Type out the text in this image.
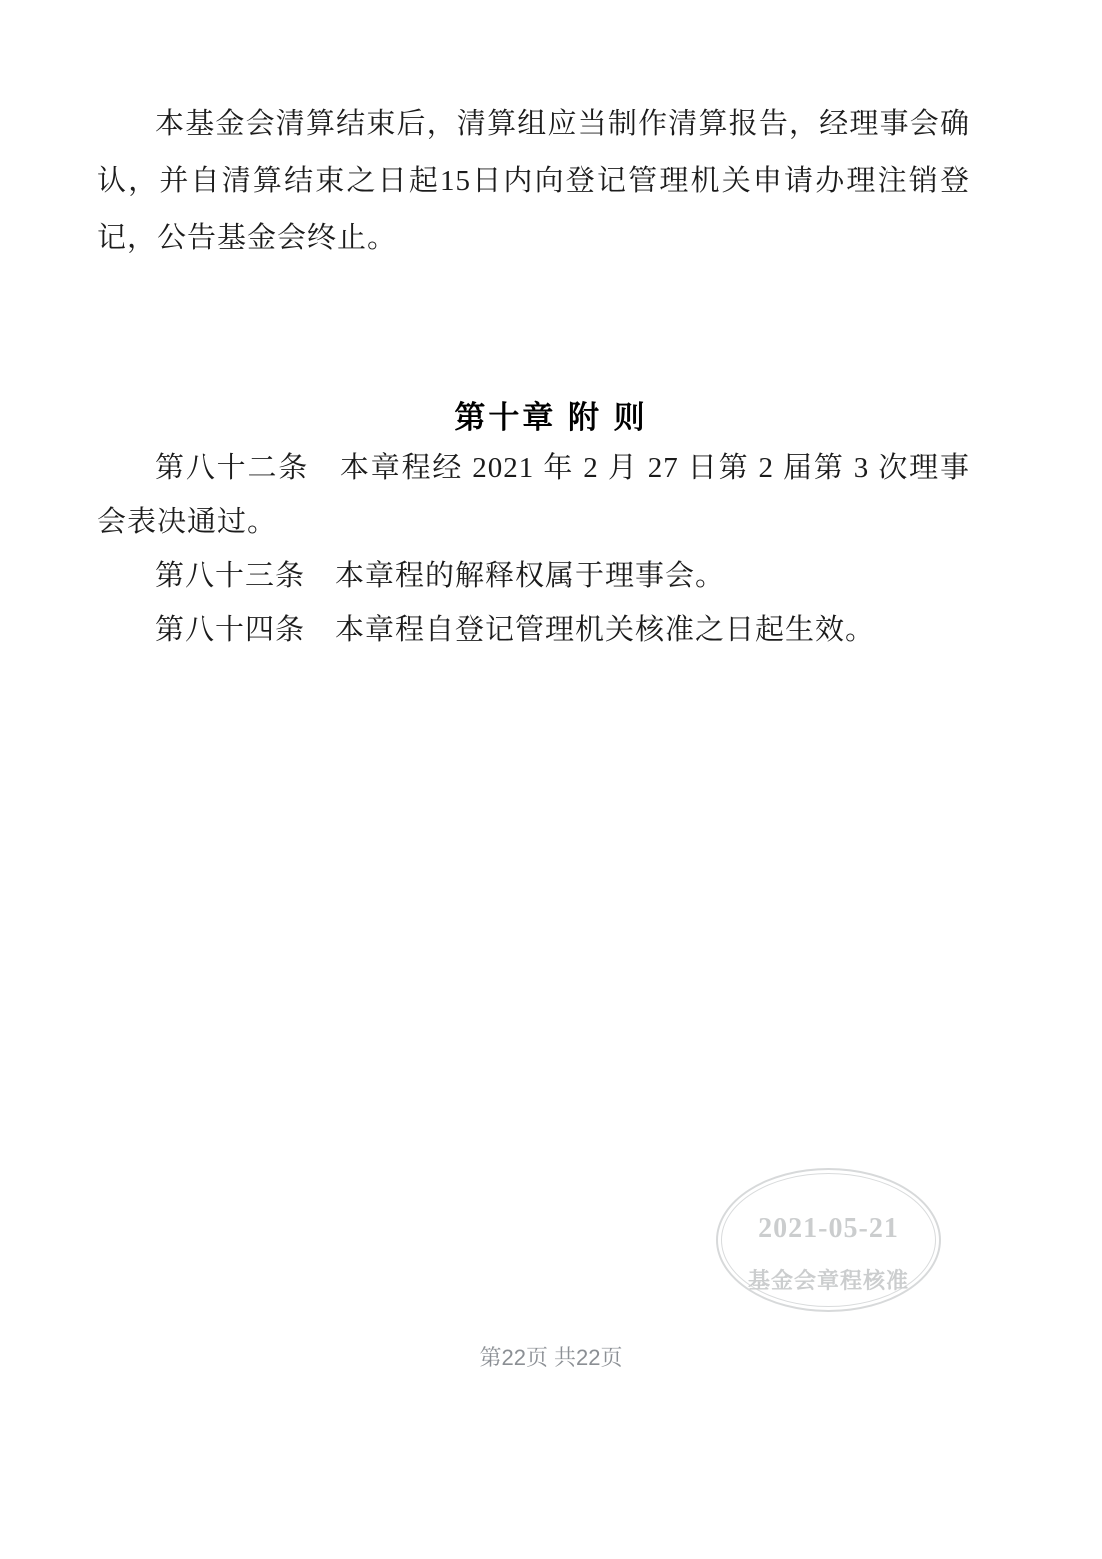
本基金会清算结束后，清算组应当制作清算报告，经理事会确认，并自清算结束之日起15日内向登记管理机关申请办理注销登记，公告基金会终止。

第十章 附 则

第八十二条　本章程经 2021 年 2 月 27 日第 2 届第 3 次理事会表决通过。

第八十三条　本章程的解释权属于理事会。

第八十四条　本章程自登记管理机关核准之日起生效。

2021-05-21
基金会章程核准
第22页 共22页
